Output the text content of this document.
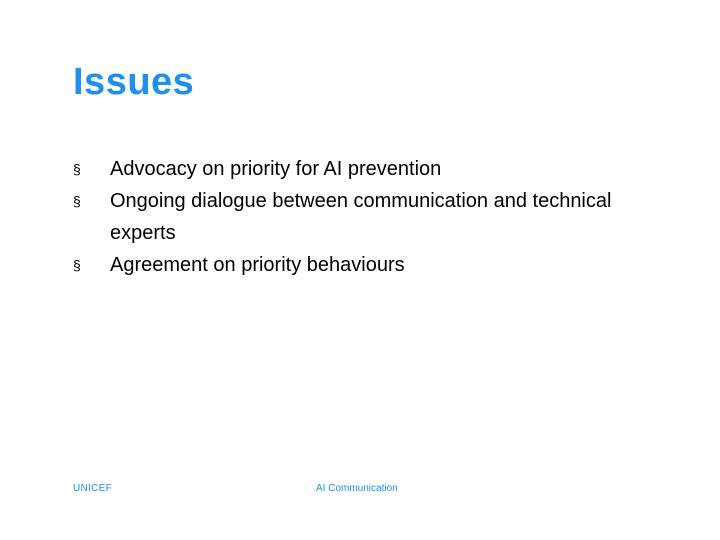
Issues
§ Advocacy on priority for AI prevention
§ Ongoing dialogue between communication and technical experts
§ Agreement on priority behaviours
UNICEF	AI Communication
